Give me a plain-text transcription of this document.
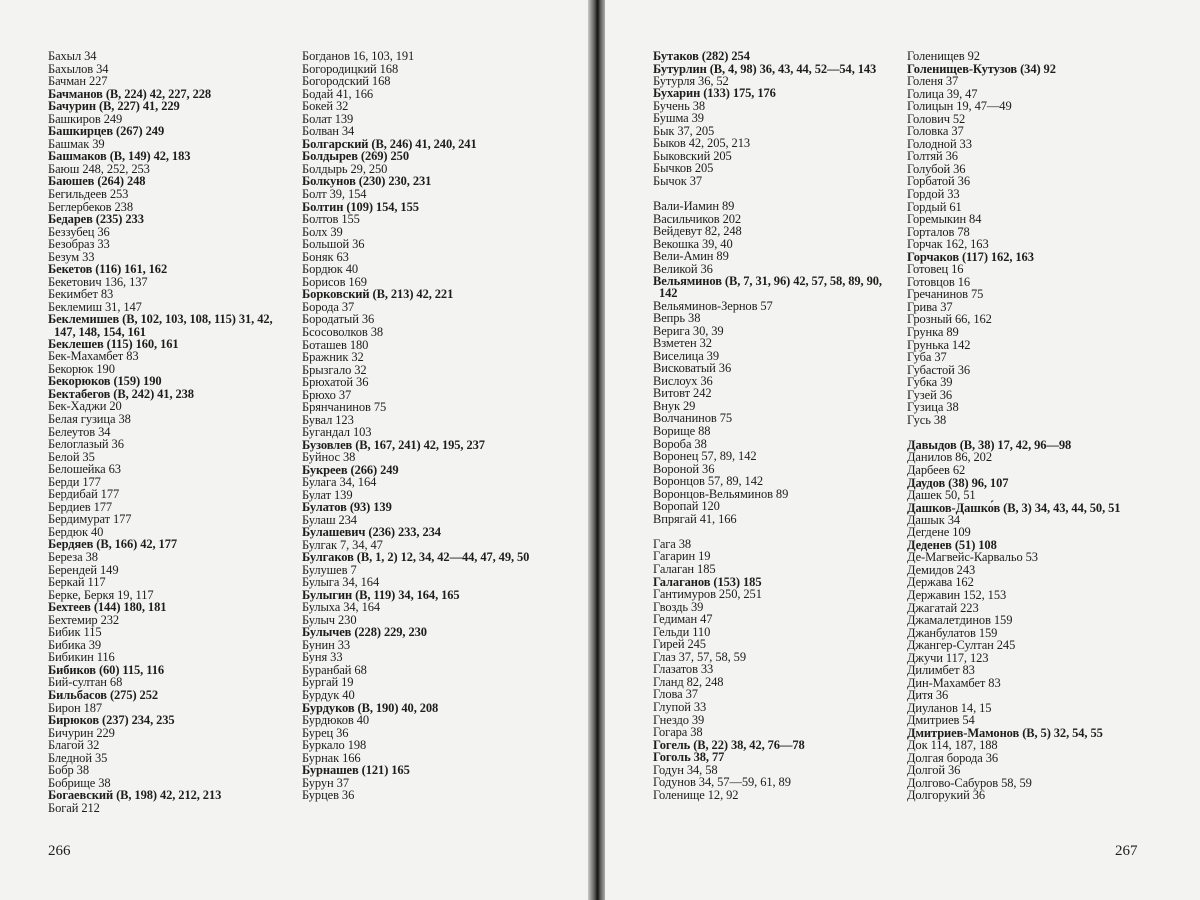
Бахыл 34
Бахылов 34
Бачман 227
Бачманов (В, 224) 42, 227, 228
Бачурин (В, 227) 41, 229
Башкиров 249
Башкирцев (267) 249
Башмак 39
Башмаков (В, 149) 42, 183
Баюш 248, 252, 253
Баюшев (264) 248
Бегильдеев 253
Беглербеков 238
Бедарев (235) 233
Беззубец 36
Безобраз 33
Безум 33
Бекетов (116) 161, 162
Бекетович 136, 137
Бекимбет 83
Беклемиш 31, 147
Беклемишев (В, 102, 103, 108, 115) 31, 42, 147, 148, 154, 161
Беклешев (115) 160, 161
Бек-Махамбет 83
Бекорюк 190
Бекорюков (159) 190
Бектабегов (В, 242) 41, 238
Бек-Хаджи 20
Белая гузица 38
Белеутов 34
Белоглазый 36
Белой 35
Белошейка 63
Берди 177
Бердибай 177
Бердиев 177
Бердимурат 177
Бердюк 40
Бердяев (В, 166) 42, 177
Береза 38
Берендей 149
Беркай 117
Берке, Беркя 19, 117
Бехтеев (144) 180, 181
Бехтемир 232
Бибик 115
Бибика 39
Бибикин 116
Бибиков (60) 115, 116
Бий-султан 68
Бильбасов (275) 252
Бирон 187
Бирюков (237) 234, 235
Бичурин 229
Благой 32
Бледной 35
Бобр 38
Бобрище 38
Богаевский (В, 198) 42, 212, 213
Богай 212
Богданов 16, 103, 191
Богородицкий 168
Богородский 168
Бодай 41, 166
Бокей 32
Болат 139
Болван 34
Болгарский (В, 246) 41, 240, 241
Болдырев (269) 250
Болдырь 29, 250
Болкунов (230) 230, 231
Болт 39, 154
Болтин (109) 154, 155
Болтов 155
Болх 39
Большой 36
Боняк 63
Бордюк 40
Борисов 169
Борковский (В, 213) 42, 221
Борода 37
Бородатый 36
Бсосоволков 38
Боташев 180
Бражник 32
Брызгало 32
Брюхатой 36
Брюхо 37
Брянчанинов 75
Бувал 123
Бугандал 103
Бузовлев (В, 167, 241) 42, 195, 237
Буйнос 38
Букреев (266) 249
Булага 34, 164
Булат 139
Булатов (93) 139
Булаш 234
Булашевич (236) 233, 234
Булгак 7, 34, 47
Булгаков (В, 1, 2) 12, 34, 42—44, 47, 49, 50
Булушев 7
Булыга 34, 164
Булыгин (В, 119) 34, 164, 165
Булыха 34, 164
Булыч 230
Булычев (228) 229, 230
Бунин 33
Буня 33
Буранбай 68
Бургай 19
Бурдук 40
Бурдуков (В, 190) 40, 208
Бурдюков 40
Бурец 36
Буркало 198
Бурнак 166
Бурнашев (121) 165
Бурун 37
Бурцев 36
266
Бутаков (282) 254
Бутурлин (В, 4, 98) 36, 43, 44, 52—54, 143
Бутурля 36, 52
Бухарин (133) 175, 176
Бучень 38
Бушма 39
Бык 37, 205
Быков 42, 205, 213
Быковский 205
Бычков 205
Бычок 37
Вали-Иамин 89
Васильчиков 202
Вейдевут 82, 248
Векошка 39, 40
Вели-Амин 89
Великой 36
Вельяминов (В, 7, 31, 96) 42, 57, 58, 89, 90, 142
Вельяминов-Зернов 57
Вепрь 38
Верига 30, 39
Взметен 32
Виселица 39
Висковатый 36
Вислоух 36
Витовт 242
Внук 29
Волчанинов 75
Ворище 88
Вороба 38
Воронец 57, 89, 142
Вороной 36
Воронцов 57, 89, 142
Воронцов-Вельяминов 89
Воропай 120
Впрягай 41, 166
Гага 38
Гагарин 19
Галаган 185
Галаганов (153) 185
Гантимуров 250, 251
Гвоздь 39
Гедиман 47
Гельди 110
Гирей 245
Глаз 37, 57, 58, 59
Глазатов 33
Гланд 82, 248
Глова 37
Глупой 33
Гнездо 39
Гогара 38
Гогель (В, 22) 38, 42, 76—78
Гоголь 38, 77
Годун 34, 58
Годунов 34, 57—59, 61, 89
Голенище 12, 92
Голенищев 92
Голенищев-Кутузов (34) 92
Голеня 37
Голица 39, 47
Голицын 19, 47—49
Голович 52
Головка 37
Голодной 33
Голтяй 36
Голубой 36
Горбатой 36
Гордой 33
Гордый 61
Горемыкин 84
Горталов 78
Горчак 162, 163
Горчаков (117) 162, 163
Готовец 16
Готовцов 16
Гречанинов 75
Грива 37
Грозный 66, 162
Грунка 89
Грунька 142
Губа 37
Губастой 36
Губка 39
Гузей 36
Гузица 38
Гусь 38
Давыдов (В, 38) 17, 42, 96—98
Данилов 86, 202
Дарбеев 62
Даудов (38) 96, 107
Дашек 50, 51
Дашков-Дашко́в (В, 3) 34, 43, 44, 50, 51
Дашык 34
Дегдене 109
Деденев (51) 108
Де-Магвейс-Карвальо 53
Демидов 243
Держава 162
Державин 152, 153
Джагатай 223
Джамалетдинов 159
Джанбулатов 159
Джангер-Султан 245
Джучи 117, 123
Дилимбет 83
Дин-Махамбет 83
Дитя 36
Диуланов 14, 15
Дмитриев 54
Дмитриев-Мамонов (В, 5) 32, 54, 55
Док 114, 187, 188
Долгая борода 36
Долгой 36
Долгово-Сабуров 58, 59
Долгорукий 36
267
